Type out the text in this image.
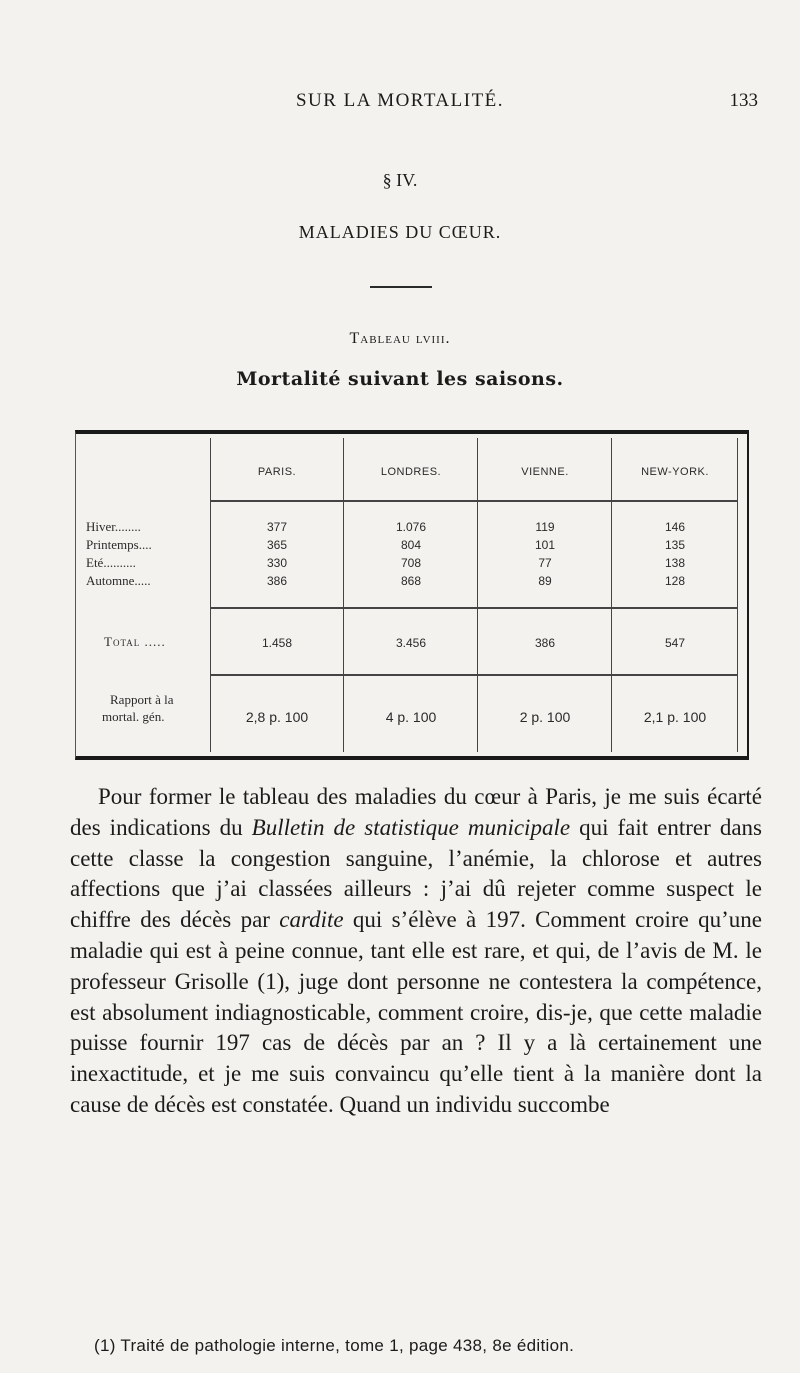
SUR LA MORTALITÉ.	133
§ IV.
MALADIES DU CŒUR.
Tableau lviii.
Mortalité suivant les saisons.
PARIS.	LONDRES.	VIENNE.	NEW-YORK.
Hiver........	377	1.076	119	146
Printemps....	365	804	101	135
Eté..........	330	708	77	138
Automne.....	386	868	89	128
Total .....	1.458	3.456	386	547
Rapport à la
mortal. gén.	2,8 p. 100	4 p. 100	2 p. 100	2,1 p. 100

Pour former le tableau des maladies du cœur à Paris, je me suis écarté des indications du Bulletin de statistique municipale qui fait entrer dans cette classe la congestion sanguine, l’anémie, la chlorose et autres affections que j’ai classées ailleurs : j’ai dû rejeter comme suspect le chiffre des décès par cardite qui s’élève à 197. Comment croire qu’une maladie qui est à peine connue, tant elle est rare, et qui, de l’avis de M. le professeur Grisolle (1), juge dont personne ne contestera la compétence, est absolument indiagnosticable, comment croire, dis-je, que cette maladie puisse fournir 197 cas de décès par an ? Il y a là certainement une inexactitude, et je me suis convaincu qu’elle tient à la manière dont la cause de décès est constatée. Quand un individu succombe

(1) Traité de pathologie interne, tome 1, page 438, 8e édition.
